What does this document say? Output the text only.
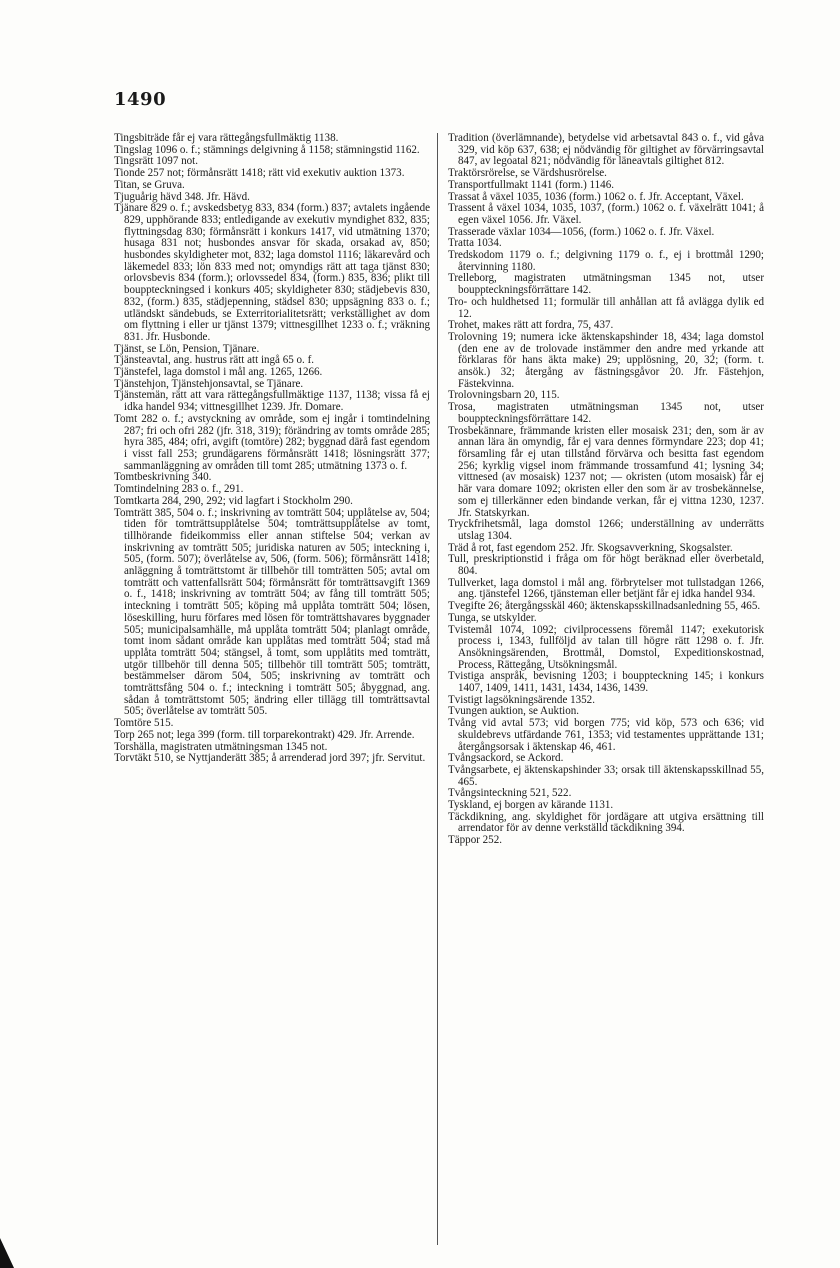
1490

Tingsbiträde får ej vara rättegångsfullmäktig 1138.

Tingslag 1096 o. f.; stämnings delgivning å 1158; stämningstid 1162.

Tingsrätt 1097 not.

Tionde 257 not; förmånsrätt 1418; rätt vid exekutiv auktion 1373.

Titan, se Gruva.

Tjuguårig hävd 348. Jfr. Hävd.

Tjänare 829 o. f.; avskedsbetyg 833, 834 (form.) 837; avtalets ingående 829, upphörande 833; entledigande av exekutiv myndighet 832, 835; flyttningsdag 830; förmånsrätt i konkurs 1417, vid utmätning 1370; husaga 831 not; husbondes ansvar för skada, orsakad av, 850; husbondes skyldigheter mot, 832; laga domstol 1116; läkarevård och läkemedel 833; lön 833 med not; omyndigs rätt att taga tjänst 830; orlovsbevis 834 (form.); orlovssedel 834, (form.) 835, 836; plikt till bouppteckningsed i konkurs 405; skyldigheter 830; städjebevis 830, 832, (form.) 835, städjepenning, städsel 830; uppsägning 833 o. f.; utländskt sändebuds, se Exterritorialitetsrätt; verkställighet av dom om flyttning i eller ur tjänst 1379; vittnesgillhet 1233 o. f.; vräkning 831. Jfr. Husbonde.

Tjänst, se Lön, Pension, Tjänare.

Tjänsteavtal, ang. hustrus rätt att ingå 65 o. f.

Tjänstefel, laga domstol i mål ang. 1265, 1266.

Tjänstehjon, Tjänstehjonsavtal, se Tjänare.

Tjänstemän, rätt att vara rättegångsfullmäktige 1137, 1138; vissa få ej idka handel 934; vittnesgillhet 1239. Jfr. Domare.

Tomt 282 o. f.; avstyckning av område, som ej ingår i tomtindelning 287; fri och ofri 282 (jfr. 318, 319); förändring av tomts område 285; hyra 385, 484; ofri, avgift (tomtöre) 282; byggnad därå fast egendom i visst fall 253; grundägarens förmånsrätt 1418; lösningsrätt 377; sammanläggning av områden till tomt 285; utmätning 1373 o. f.

Tomtbeskrivning 340.

Tomtindelning 283 o. f., 291.

Tomtkarta 284, 290, 292; vid lagfart i Stockholm 290.

Tomträtt 385, 504 o. f.; inskrivning av tomträtt 504; upplåtelse av, 504; tiden för tomträttsupplåtelse 504; tomträttsupplåtelse av tomt, tillhörande fideikommiss eller annan stiftelse 504; verkan av inskrivning av tomträtt 505; juridiska naturen av 505; inteckning i, 505, (form. 507); överlåtelse av, 506, (form. 506); förmånsrätt 1418; anläggning å tomträttstomt är tillbehör till tomträtten 505; avtal om tomträtt och vattenfallsrätt 504; förmånsrätt för tomträttsavgift 1369 o. f., 1418; inskrivning av tomträtt 504; av fång till tomträtt 505; inteckning i tomträtt 505; köping må upplåta tomträtt 504; lösen, löseskilling, huru förfares med lösen för tomträttshavares byggnader 505; municipalsamhälle, må upplåta tomträtt 504; planlagt område, tomt inom sådant område kan upplåtas med tomträtt 504; stad må upplåta tomträtt 504; stängsel, å tomt, som upplåtits med tomträtt, utgör tillbehör till denna 505; tillbehör till tomträtt 505; tomträtt, bestämmelser därom 504, 505; inskrivning av tomträtt och tomträttsfång 504 o. f.; inteckning i tomträtt 505; åbyggnad, ang. sådan å tomträttstomt 505; ändring eller tillägg till tomträttsavtal 505; överlåtelse av tomträtt 505.

Tomtöre 515.

Torp 265 not; lega 399 (form. till torparekontrakt) 429. Jfr. Arrende.

Torshälla, magistraten utmätningsman 1345 not.

Torvtäkt 510, se Nyttjanderätt 385; å arrenderad jord 397; jfr. Servitut.

Tradition (överlämnande), betydelse vid arbetsavtal 843 o. f., vid gåva 329, vid köp 637, 638; ej nödvändig för giltighet av förvärringsavtal 847, av legoatal 821; nödvändig för läneavtals giltighet 812.

Traktörsrörelse, se Värdshusrörelse.

Transportfullmakt 1141 (form.) 1146.

Trassat å växel 1035, 1036 (form.) 1062 o. f. Jfr. Acceptant, Växel.

Trassent å växel 1034, 1035, 1037, (form.) 1062 o. f. växelrätt 1041; å egen växel 1056. Jfr. Växel.

Trasserade växlar 1034—1056, (form.) 1062 o. f. Jfr. Växel.

Tratta 1034.

Tredskodom 1179 o. f.; delgivning 1179 o. f., ej i brottmål 1290; återvinning 1180.

Trelleborg, magistraten utmätningsman 1345 not, utser bouppteckningsförrättare 142.

Tro- och huldhetsed 11; formulär till anhållan att få avlägga dylik ed 12.

Trohet, makes rätt att fordra, 75, 437.

Trolovning 19; numera icke äktenskapshinder 18, 434; laga domstol (den ene av de trolovade instämmer den andre med yrkande att förklaras för hans äkta make) 29; upplösning, 20, 32; (form. t. ansök.) 32; återgång av fästningsgåvor 20. Jfr. Fästehjon, Fästekvinna.

Trolovningsbarn 20, 115.

Trosa, magistraten utmätningsman 1345 not, utser bouppteckningsförrättare 142.

Trosbekännare, främmande kristen eller mosaisk 231; den, som är av annan lära än omyndig, får ej vara dennes förmyndare 223; dop 41; församling får ej utan tillstånd förvärva och besitta fast egendom 256; kyrklig vigsel inom främmande trossamfund 41; lysning 34; vittnesed (av mosaisk) 1237 not; — okristen (utom mosaisk) får ej här vara domare 1092; okristen eller den som är av trosbekännelse, som ej tillerkänner eden bindande verkan, får ej vittna 1230, 1237. Jfr. Statskyrkan.

Tryckfrihetsmål, laga domstol 1266; underställning av underrätts utslag 1304.

Träd å rot, fast egendom 252. Jfr. Skogsavverkning, Skogsalster.

Tull, preskriptionstid i fråga om för högt beräknad eller överbetald, 804.

Tullverket, laga domstol i mål ang. förbrytelser mot tullstadgan 1266, ang. tjänstefel 1266, tjänsteman eller betjänt får ej idka handel 934.

Tvegifte 26; återgångsskäl 460; äktenskapsskillnadsanledning 55, 465.

Tunga, se utskylder.

Tvistemål 1074, 1092; civilprocessens föremål 1147; exekutorisk process i, 1343, fullföljd av talan till högre rätt 1298 o. f. Jfr. Ansökningsärenden, Brottmål, Domstol, Expeditionskostnad, Process, Rättegång, Utsökningsmål.

Tvistiga anspråk, bevisning 1203; i bouppteckning 145; i konkurs 1407, 1409, 1411, 1431, 1434, 1436, 1439.

Tvistigt lagsökningsärende 1352.

Tvungen auktion, se Auktion.

Tvång vid avtal 573; vid borgen 775; vid köp, 573 och 636; vid skuldebrevs utfärdande 761, 1353; vid testamentes upprättande 131; återgångsorsak i äktenskap 46, 461.

Tvångsackord, se Ackord.

Tvångsarbete, ej äktenskapshinder 33; orsak till äktenskapsskillnad 55, 465.

Tvångsinteckning 521, 522.

Tyskland, ej borgen av kärande 1131.

Täckdikning, ang. skyldighet för jordägare att utgiva ersättning till arrendator för av denne verkställd täckdikning 394.

Täppor 252.
